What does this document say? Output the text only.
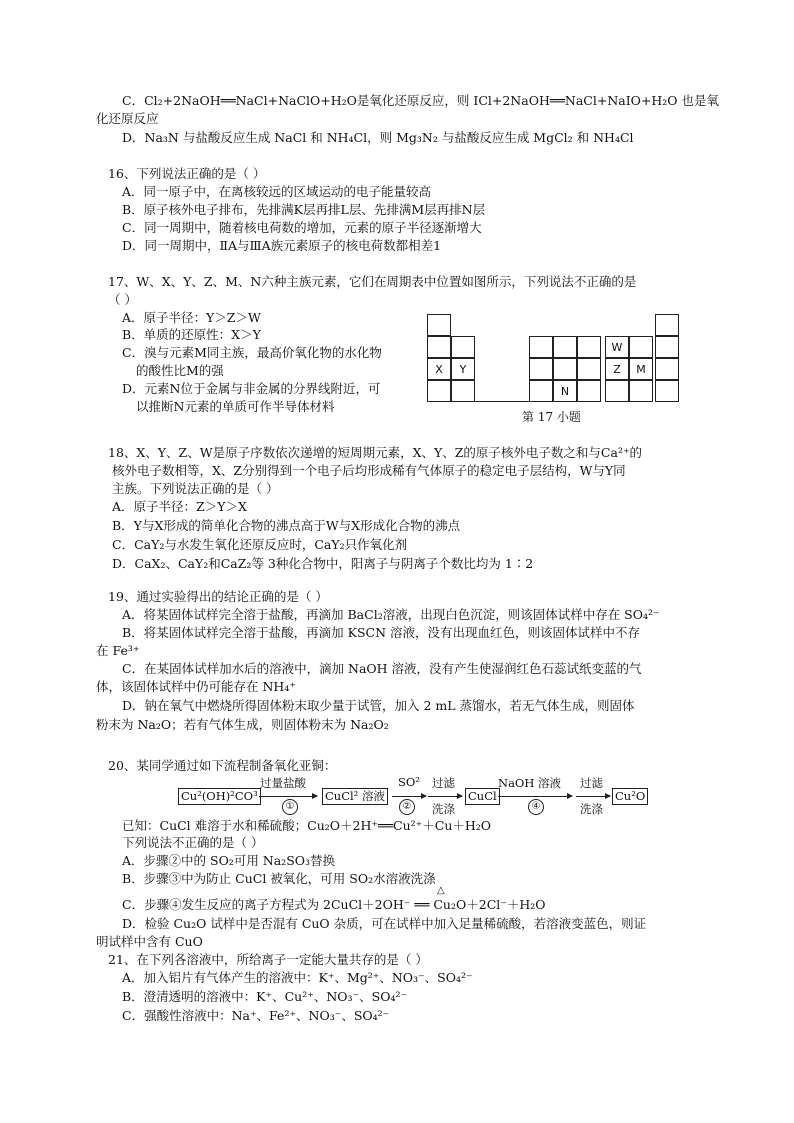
C．Cl₂+2NaOH══NaCl+NaClO+H₂O是氧化还原反应，则 ICl+2NaOH══NaCl+NaIO+H₂O 也是氧
化还原反应
D．Na₃N 与盐酸反应生成 NaCl 和 NH₄Cl，则 Mg₃N₂ 与盐酸反应生成 MgCl₂ 和 NH₄Cl
16、下列说法正确的是（ ）
A．同一原子中，在离核较远的区域运动的电子能量较高
B．原子核外电子排布，先排满K层再排L层、先排满M层再排N层
C．同一周期中，随着核电荷数的增加，元素的原子半径逐渐增大
D．同一周期中，ⅡA与ⅢA族元素原子的核电荷数都相差1
17、W、X、Y、Z、M、N六种主族元素，它们在周期表中位置如图所示，下列说法不正确的是
（ ）
A．原子半径：Y＞Z＞W
B．单质的还原性：X＞Y
C．溴与元素M同主族，最高价氧化物的水化物
的酸性比M的强
D．元素N位于金属与非金属的分界线附近，可
以推断N元素的单质可作半导体材料
X	Y
N
W
Z	M
第 17 小题
18、X、Y、Z、W是原子序数依次递增的短周期元素，X、Y、Z的原子核外电子数之和与Ca²⁺的
核外电子数相等，X、Z分别得到一个电子后均形成稀有气体原子的稳定电子层结构，W与Y同
主族。下列说法正确的是（ ）
A．原子半径：Z＞Y＞X
B．Y与X形成的简单化合物的沸点高于W与X形成化合物的沸点
C．CaY₂与水发生氧化还原反应时，CaY₂只作氧化剂
D．CaX₂、CaY₂和CaZ₂等 3种化合物中，阳离子与阴离子个数比均为 1∶2
19、通过实验得出的结论正确的是（ ）
A．将某固体试样完全溶于盐酸，再滴加 BaCl₂溶液，出现白色沉淀，则该固体试样中存在 SO₄²⁻
B．将某固体试样完全溶于盐酸，再滴加 KSCN 溶液，没有出现血红色，则该固体试样中不存
在 Fe³⁺
C．在某固体试样加水后的溶液中，滴加 NaOH 溶液，没有产生使湿润红色石蕊试纸变蓝的气
体，该固体试样中仍可能存在 NH₄⁺
D．钠在氧气中燃烧所得固体粉末取少量于试管，加入 2 mL 蒸馏水，若无气体生成，则固体
粉末为 Na₂O；若有气体生成，则固体粉末为 Na₂O₂
20、某同学通过如下流程制备氧化亚铜：
Cu²(OH)²CO³
过量盐酸
①
CuCl² 溶液
SO²
②
过滤
洗涤
CuCl
NaOH 溶液
④
过滤
洗涤
Cu²O
已知：CuCl 难溶于水和稀硫酸；Cu₂O＋2H⁺══Cu²⁺＋Cu＋H₂O
下列说法不正确的是（ ）
A．步骤②中的 SO₂可用 Na₂SO₃替换
B．步骤③中为防止 CuCl 被氧化，可用 SO₂水溶液洗涤
△
C．步骤④发生反应的离子方程式为 2CuCl＋2OH⁻ ══ Cu₂O＋2Cl⁻＋H₂O
D．检验 Cu₂O 试样中是否混有 CuO 杂质，可在试样中加入足量稀硫酸，若溶液变蓝色，则证
明试样中含有 CuO
21、在下列各溶液中，所给离子一定能大量共存的是（ ）
A．加入铝片有气体产生的溶液中：K⁺、Mg²⁺、NO₃⁻、SO₄²⁻
B．澄清透明的溶液中：K⁺、Cu²⁺、NO₃⁻、SO₄²⁻
C．强酸性溶液中：Na⁺、Fe²⁺、NO₃⁻、SO₄²⁻
